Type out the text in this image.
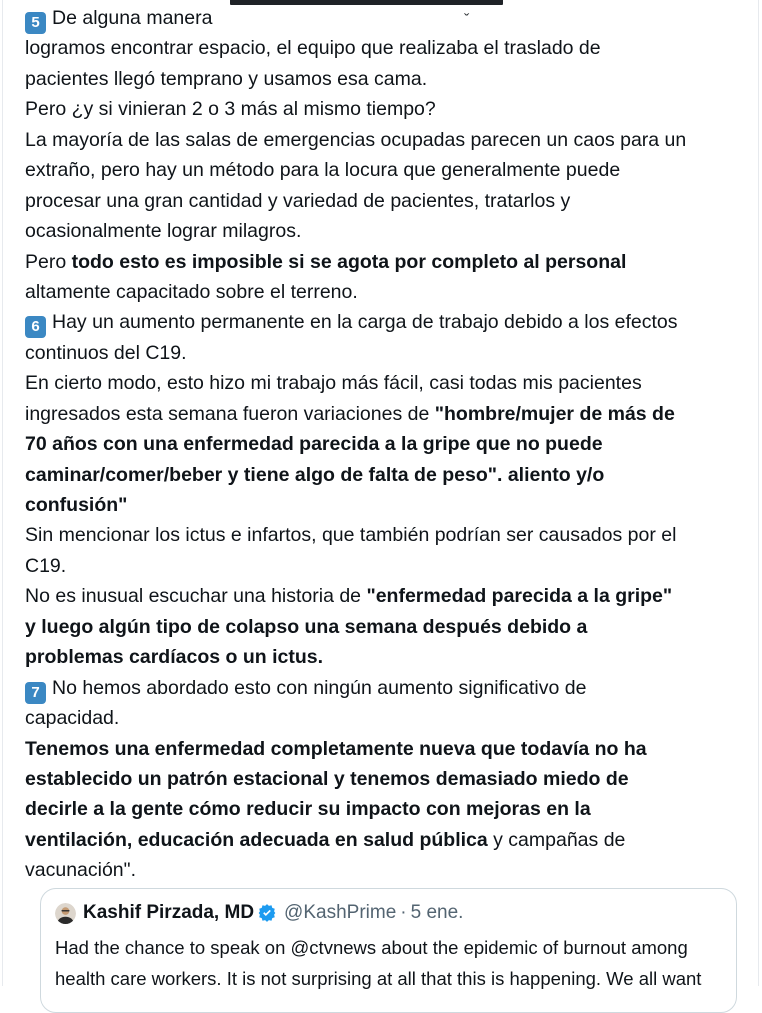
ˇ
5 De alguna manera
logramos encontrar espacio, el equipo que realizaba el traslado de
pacientes llegó temprano y usamos esa cama.
Pero ¿y si vinieran 2 o 3 más al mismo tiempo?
La mayoría de las salas de emergencias ocupadas parecen un caos para un
extraño, pero hay un método para la locura que generalmente puede
procesar una gran cantidad y variedad de pacientes, tratarlos y
ocasionalmente lograr milagros.
Pero todo esto es imposible si se agota por completo al personal
altamente capacitado sobre el terreno.
6 Hay un aumento permanente en la carga de trabajo debido a los efectos
continuos del C19.
En cierto modo, esto hizo mi trabajo más fácil, casi todas mis pacientes
ingresados esta semana fueron variaciones de "hombre/mujer de más de
70 años con una enfermedad parecida a la gripe que no puede
caminar/comer/beber y tiene algo de falta de peso". aliento y/o
confusión"
Sin mencionar los ictus e infartos, que también podrían ser causados por el
C19.
No es inusual escuchar una historia de "enfermedad parecida a la gripe"
y luego algún tipo de colapso una semana después debido a
problemas cardíacos o un ictus.
7 No hemos abordado esto con ningún aumento significativo de
capacidad.
Tenemos una enfermedad completamente nueva que todavía no ha
establecido un patrón estacional y tenemos demasiado miedo de
decirle a la gente cómo reducir su impacto con mejoras en la
ventilación, educación adecuada en salud pública y campañas de
vacunación".
Kashif Pirzada, MD @KashPrime · 5 ene.
Had the chance to speak on @ctvnews about the epidemic of burnout among
health care workers. It is not surprising at all that this is happening. We all want
